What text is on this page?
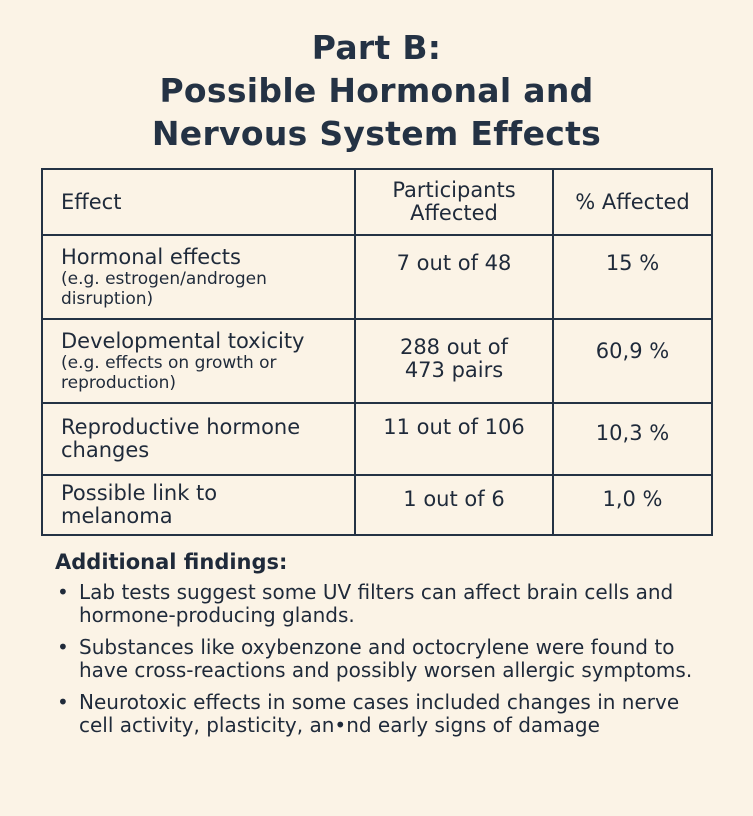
Part B:
Possible Hormonal and
Nervous System Effects
Effect	Participants Affected	% Affected

Hormonal effects
(e.g. estrogen/androgen disruption)	7 out of 48	15 %

Developmental toxicity
(e.g. effects on growth or reproduction)	288 out of 473 pairs	60,9 %

Reproductive hormone changes	11 out of 106	10,3 %

Possible link to melanoma	1 out of 6	1,0 %
Additional findings:
• Lab tests suggest some UV filters can affect brain cells and hormone-producing glands.
• Substances like oxybenzone and octocrylene were found to have cross-reactions and possibly worsen allergic symptoms.
• Neurotoxic effects in some cases included changes in nerve cell activity, plasticity, an•nd early signs of damage
